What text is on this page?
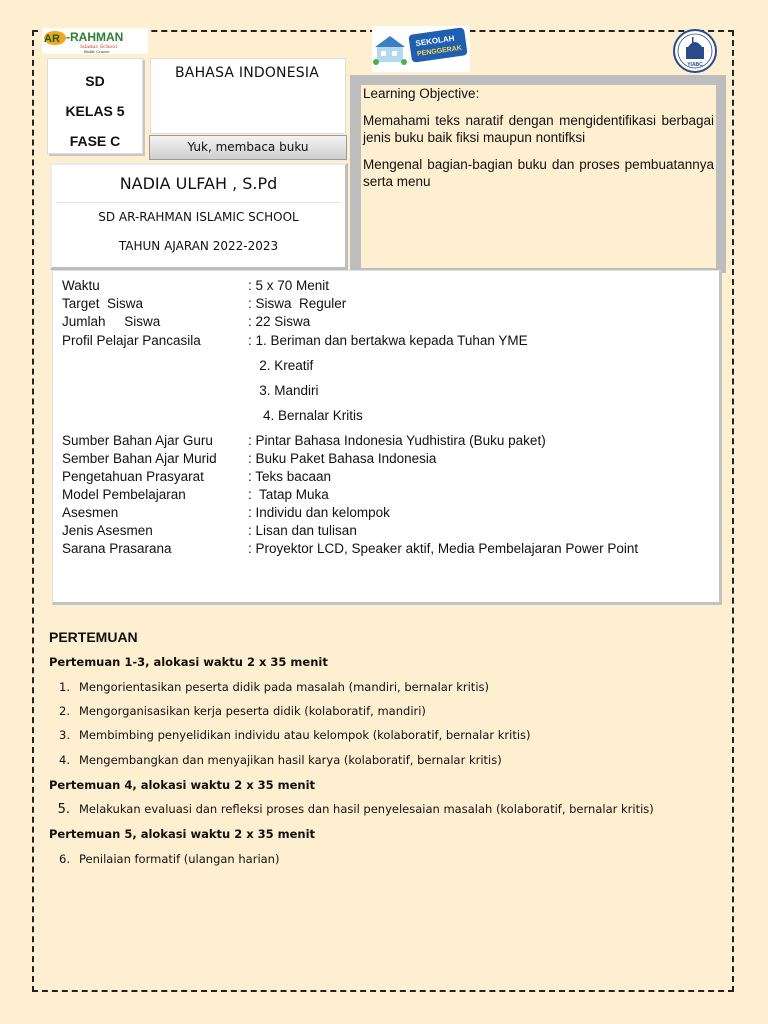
AR -RAHMAN
Islamic School
Bukit Cinere
SEKOLAH
PENGGERAK
YIABC
SD
KELAS 5
FASE C
BAHASA INDONESIA
Yuk, membaca buku
NADIA ULFAH , S.Pd
SD AR-RAHMAN ISLAMIC SCHOOL
TAHUN AJARAN 2022-2023

Learning Objective:

Memahami teks naratif dengan mengidentifikasi berbagai jenis buku baik fiksi maupun nontifksi

Mengenal bagian-bagian buku dan proses pembuatannya serta menu

Waktu	: 5 x 70 Menit
Target  Siswa	: Siswa  Reguler
Jumlah     Siswa	: 22 Siswa
Profil Pelajar Pancasila	: 1. Beriman dan bertakwa kepada Tuhan YME
2. Kreatif
3. Mandiri
4. Bernalar Kritis
Sumber Bahan Ajar Guru	: Pintar Bahasa Indonesia Yudhistira (Buku paket)
Sember Bahan Ajar Murid : Buku Paket Bahasa Indonesia
Pengetahuan Prasyarat	: Teks bacaan
Model Pembelajaran	:  Tatap Muka
Asesmen	: Individu dan kelompok
Jenis Asesmen	: Lisan dan tulisan
Sarana Prasarana	: Proyektor LCD, Speaker aktif, Media Pembelajaran Power Point
PERTEMUAN
Pertemuan 1-3, alokasi waktu 2 x 35 menit
1. Mengorientasikan peserta didik pada masalah (mandiri, bernalar kritis)
2. Mengorganisasikan kerja peserta didik (kolaboratif, mandiri)
3. Membimbing penyelidikan individu atau kelompok (kolaboratif, bernalar kritis)
4. Mengembangkan dan menyajikan hasil karya (kolaboratif, bernalar kritis)
Pertemuan 4, alokasi waktu 2 x 35 menit
5. Melakukan evaluasi dan refleksi proses dan hasil penyelesaian masalah (kolaboratif, bernalar kritis)
Pertemuan 5, alokasi waktu 2 x 35 menit
6. Penilaian formatif (ulangan harian)
